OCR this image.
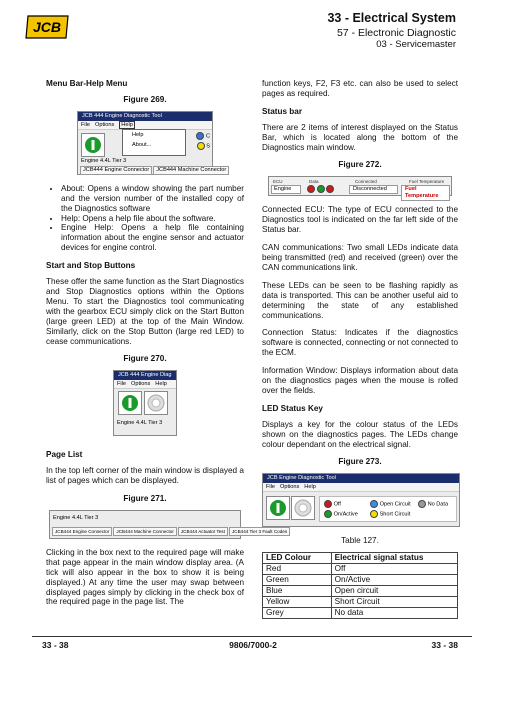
JCB
33 - Electrical System
57 - Electronic Diagnostic
03 - Servicemaster
Menu Bar-Help Menu
Figure 269.
JCB 444 Engine Diagnostic Tool
File Options Help
Help
About...
C
S
Engine 4.4L Tier 3
JCB444 Engine Connector JCB444 Machine Connector
• About: Opens a window showing the part number and the version number of the installed copy of the Diagnostics software
• Help: Opens a help file about the software.
• Engine Help: Opens a help file containing information about the engine sensor and actuator devices for engine control.
Start and Stop Buttons

These offer the same function as the Start Diagnostics and Stop Diagnostics options within the Options Menu. To start the Diagnostics tool communicating with the gearbox ECU simply click on the Start Button (large green LED) at the top of the Main Window. Similarly, click on the Stop Button (large red LED) to cease communications.

Figure 270.
JCB 444 Engine Diag
File Options Help
Engine 4.4L Tier 3
Page List

In the top left corner of the main window is displayed a list of pages which can be displayed.

Figure 271.
Engine 4.4L Tier 3
JCB444 Engine Connector JCB444 Machine Connector JCB444 Actuator Test JCB444 Tier 3 Fault Codes

Clicking in the box next to the required page will make that page appear in the main window display area. (A tick will also appear in the box to show it is being displayed.) At any time the user may swap between displayed pages simply by clicking in the check box of the required page in the page list. The

function keys, F2, F3 etc. can also be used to select pages as required.

Status bar

There are 2 items of interest displayed on the Status Bar, which is located along the bottom of the Diagnostics main window.

Figure 272.
ECU	Data	Connected	Fuel Temperature
Engine
	Disconnected	Fuel Temperature

Connected ECU: The type of ECU connected to the Diagnostics tool is indicated on the far left side of the Status bar.

CAN communications: Two small LEDs indicate data being transmitted (red) and received (green) over the CAN communications link.

These LEDs can be seen to be flashing rapidly as data is transported. This can be another useful aid to determining the state of any established communications.

Connection Status: Indicates if the diagnostics software is connected, connecting or not connected to the ECM.

Information Window: Displays information about data on the diagnostics pages when the mouse is rolled over the fields.

LED Status Key

Displays a key for the colour status of the LEDs shown on the diagnostics pages. The LEDs change colour dependant on the electrical signal.

Figure 273.
JCB Engine Diagnostic Tool
File Options Help
Off
On/Active
Open Circuit
Short Circuit
No Data
Table 127.
LED Colour	Electrical signal status
Red	Off
Green	On/Active
Blue	Open circuit
Yellow	Short Circuit
Grey	No data
33 - 38	9806/7000-2	33 - 38
